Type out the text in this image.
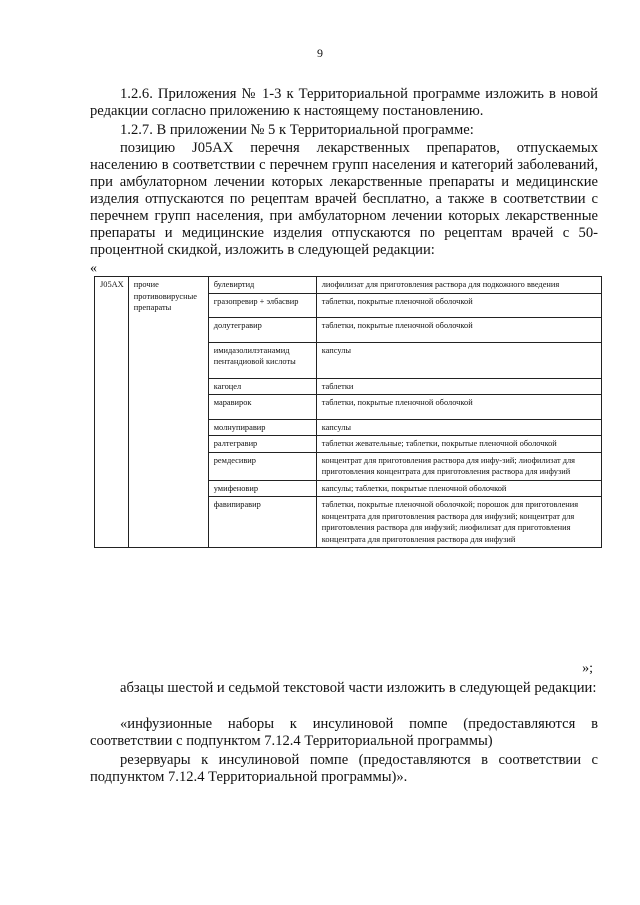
9
1.2.6. Приложения № 1-3 к Территориальной программе изложить в новой редакции согласно приложению к настоящему постановлению.
1.2.7. В приложении № 5 к Территориальной программе:
позицию J05AX перечня лекарственных препаратов, отпускаемых населению в соответствии с перечнем групп населения и категорий заболеваний, при амбулаторном лечении которых лекарственные препараты и медицинские изделия отпускаются по рецептам врачей бесплатно, а также в соответствии с перечнем групп населения, при амбулаторном лечении которых лекарственные препараты и медицинские изделия отпускаются по рецептам врачей с 50-процентной скидкой, изложить в следующей редакции:
«
J05AX	прочие противовирусные препараты	булевиртид	лиофилизат для приготовления раствора для подкожного введения
		гразопревир + элбасвир	таблетки, покрытые пленочной оболочкой
		долутегравир	таблетки, покрытые пленочной оболочкой
		имидазолилэтанамид пентандиовой кислоты	капсулы
		кагоцел	таблетки
		маравирок	таблетки, покрытые пленочной оболочкой
		молнупиравир	капсулы
		ралтегравир	таблетки жевательные; таблетки, покрытые пленочной оболочкой
		ремдесивир	концентрат для приготовления раствора для инфу-зий; лиофилизат для приготовления концентрата для приготовления раствора для инфузий
		умифеновир	капсулы; таблетки, покрытые пленочной оболочкой
		фавипиравир	таблетки, покрытые пленочной оболочкой; порошок для приготовления концентрата для приготовления раствора для инфузий; концентрат для приготовления раствора для инфузий; лиофилизат для приготовления концентрата для приготовления раствора для инфузий
»;
абзацы шестой и седьмой текстовой части изложить в следующей редакции:
«инфузионные наборы к инсулиновой помпе (предоставляются в соответствии с подпунктом 7.12.4 Территориальной программы)
резервуары к инсулиновой помпе (предоставляются в соответствии с подпунктом 7.12.4 Территориальной программы)».
